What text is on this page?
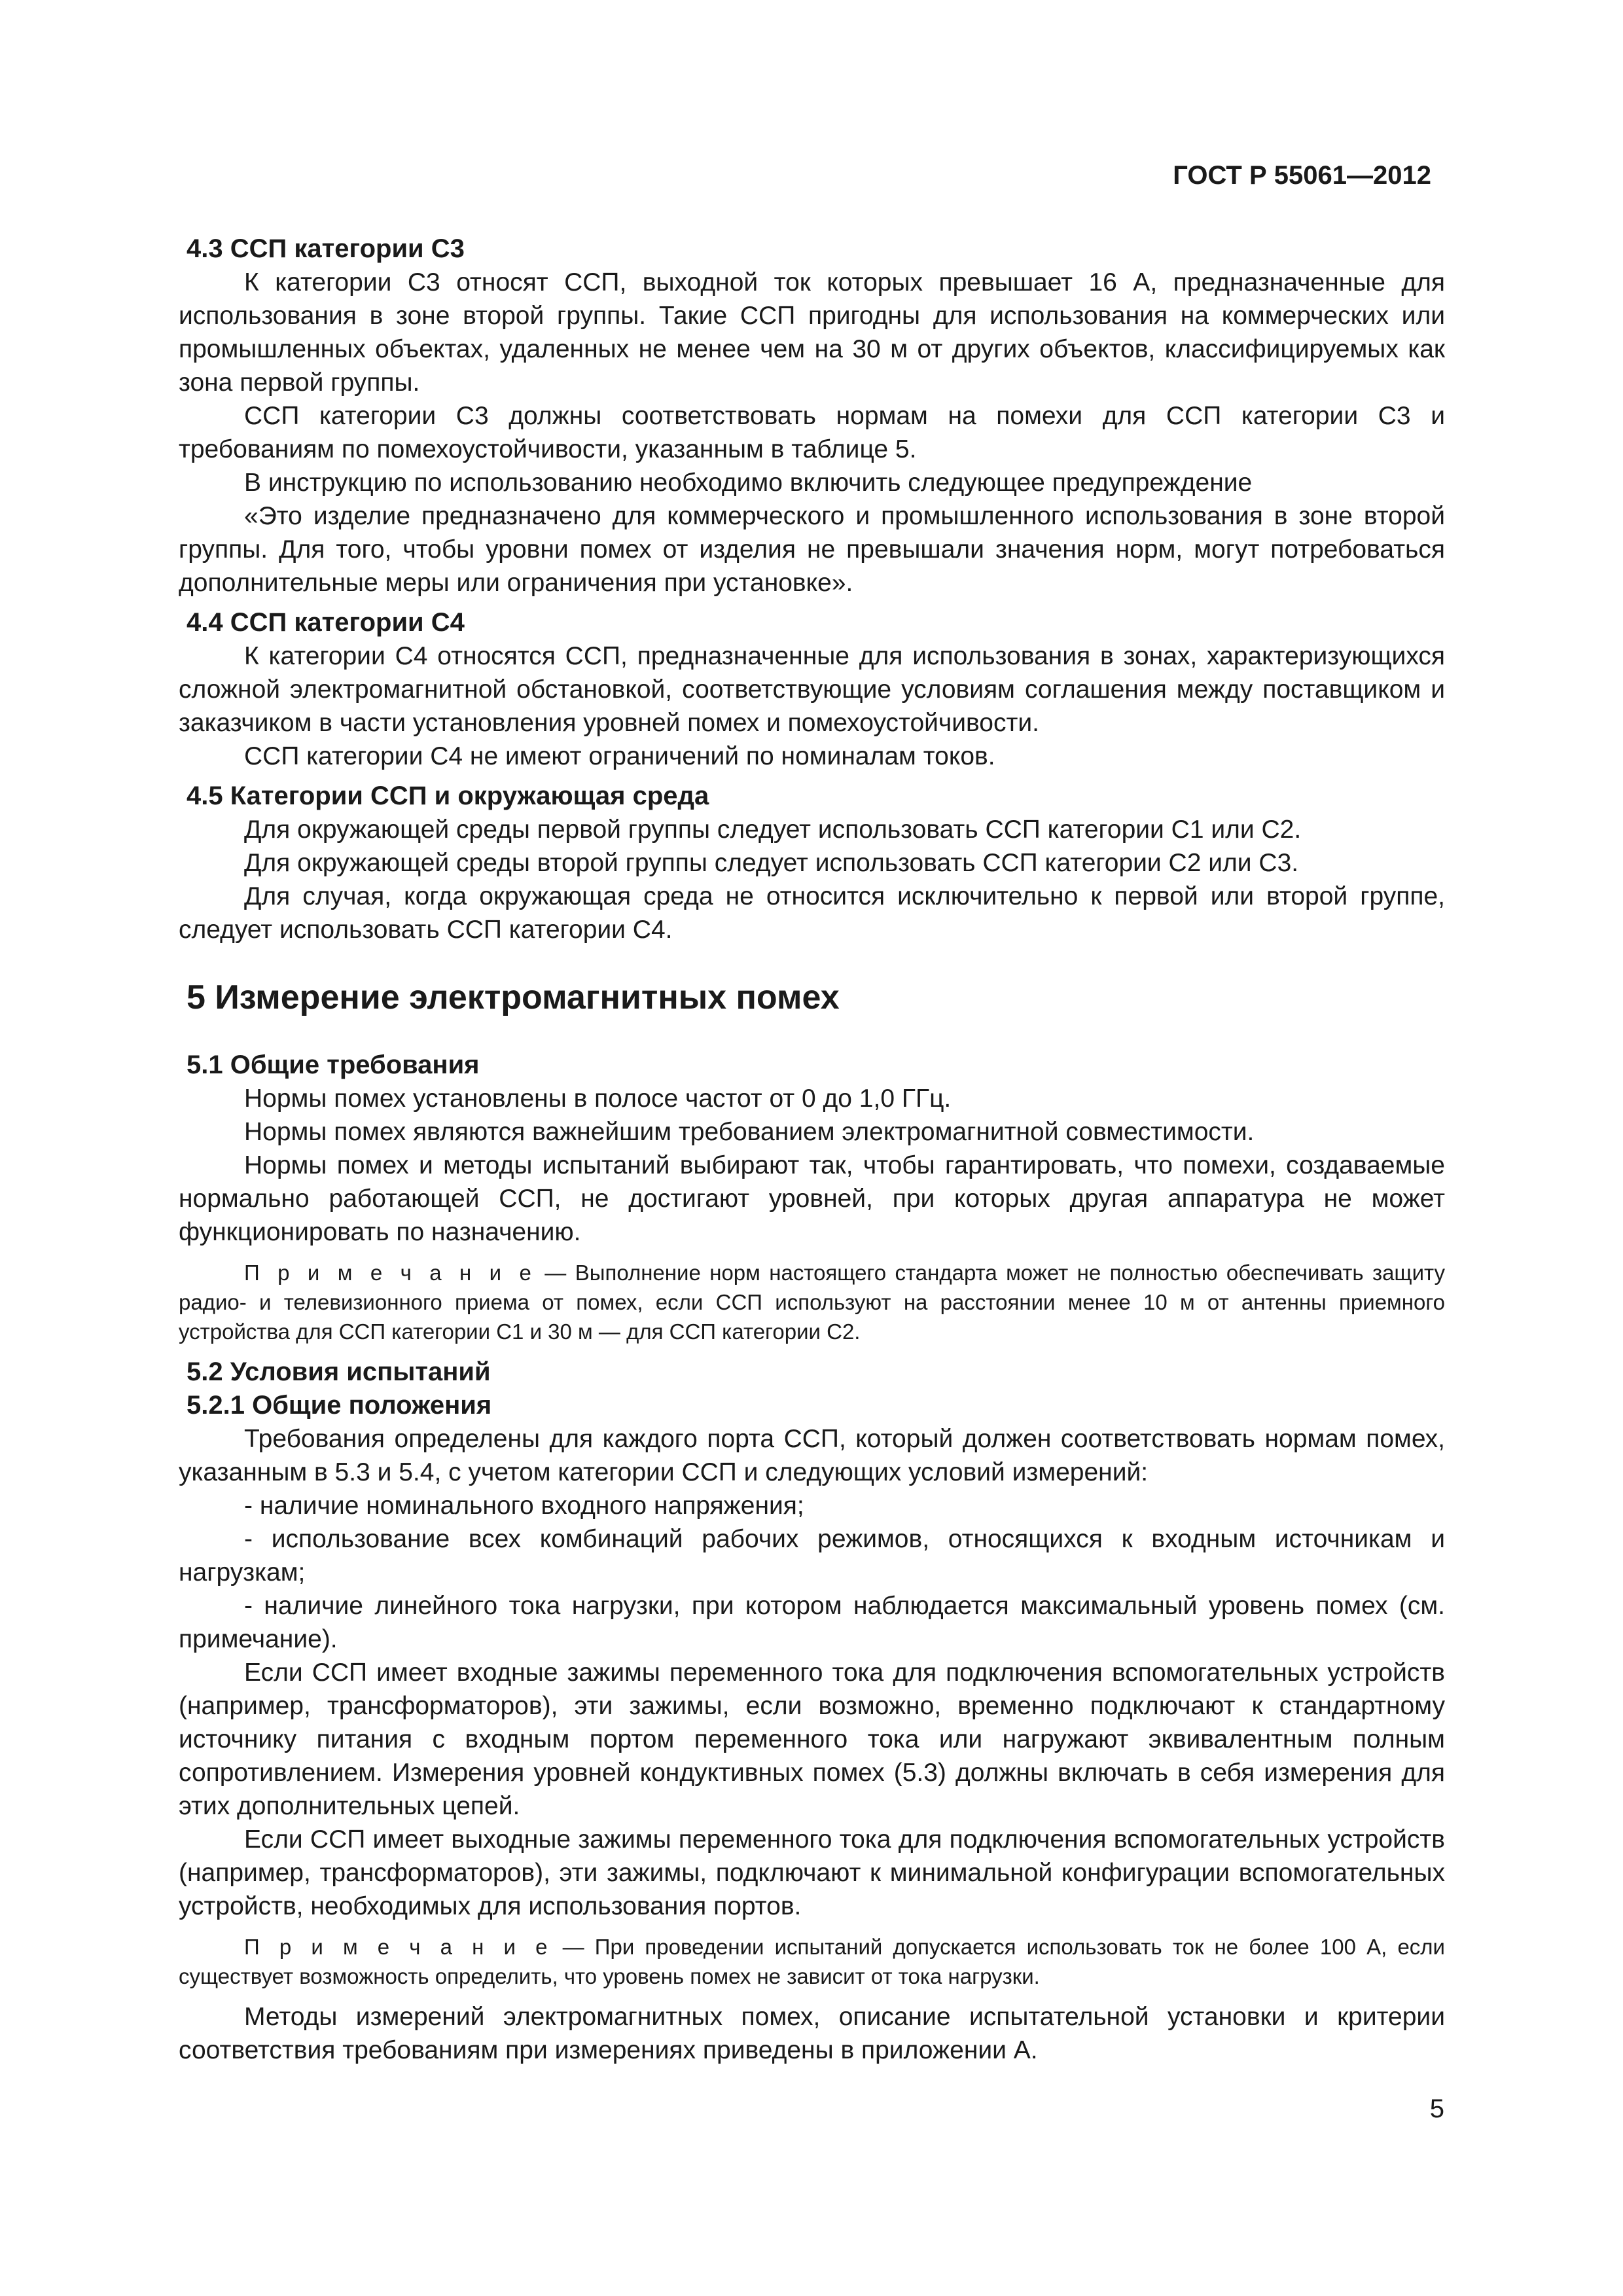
ГОСТ Р 55061—2012
4.3 ССП категории С3

К категории С3 относят ССП, выходной ток которых превышает 16 А, предназначенные для использования в зоне второй группы. Такие ССП пригодны для использования на коммерческих или промышленных объектах, удаленных не менее чем на 30 м от других объектов, классифицируемых как зона первой группы.

ССП категории С3 должны соответствовать нормам на помехи для ССП категории С3 и требованиям по помехоустойчивости, указанным в таблице 5.

В инструкцию по использованию необходимо включить следующее предупреждение

«Это изделие предназначено для коммерческого и промышленного использования в зоне второй группы. Для того, чтобы уровни помех от изделия не превышали значения норм, могут потребоваться дополнительные меры или ограничения при установке».

4.4 ССП категории С4

К категории С4 относятся ССП, предназначенные для использования в зонах, характеризующихся сложной электромагнитной обстановкой, соответствующие условиям соглашения между поставщиком и заказчиком в части установления уровней помех и помехоустойчивости.

ССП категории С4 не имеют ограничений по номиналам токов.

4.5 Категории ССП и окружающая среда

Для окружающей среды первой группы следует использовать ССП категории С1 или С2.

Для окружающей среды второй группы следует использовать ССП категории С2 или С3.

Для случая, когда окружающая среда не относится исключительно к первой или второй группе, следует использовать ССП категории С4.

5 Измерение электромагнитных помех
5.1 Общие требования

Нормы помех установлены в полосе частот от 0 до 1,0 ГГц.

Нормы помех являются важнейшим требованием электромагнитной совместимости.

Нормы помех и методы испытаний выбирают так, чтобы гарантировать, что помехи, создаваемые нормально работающей ССП, не достигают уровней, при которых другая аппаратура не может функционировать по назначению.

П р и м е ч а н и е — Выполнение норм настоящего стандарта может не полностью обеспечивать защиту радио- и телевизионного приема от помех, если ССП используют на расстоянии менее 10 м от антенны приемного устройства для ССП категории С1 и 30 м — для ССП категории С2.
5.2 Условия испытаний
5.2.1 Общие положения

Требования определены для каждого порта ССП, который должен соответствовать нормам помех, указанным в 5.3 и 5.4, с учетом категории ССП и следующих условий измерений:

- наличие номинального входного напряжения;

- использование всех комбинаций рабочих режимов, относящихся к входным источникам и нагрузкам;

- наличие линейного тока нагрузки, при котором наблюдается максимальный уровень помех (см. примечание).

Если ССП имеет входные зажимы переменного тока для подключения вспомогательных устройств (например, трансформаторов), эти зажимы, если возможно, временно подключают к стандартному источнику питания с входным портом переменного тока или нагружают эквивалентным полным сопротивлением. Измерения уровней кондуктивных помех (5.3) должны включать в себя измерения для этих дополнительных цепей.

Если ССП имеет выходные зажимы переменного тока для подключения вспомогательных устройств (например, трансформаторов), эти зажимы, подключают к минимальной конфигурации вспомогательных устройств, необходимых для использования портов.

П р и м е ч а н и е — При проведении испытаний допускается использовать ток не более 100 А, если существует возможность определить, что уровень помех не зависит от тока нагрузки.

Методы измерений электромагнитных помех, описание испытательной установки и критерии соответствия требованиям при измерениях приведены в приложении А.

5
